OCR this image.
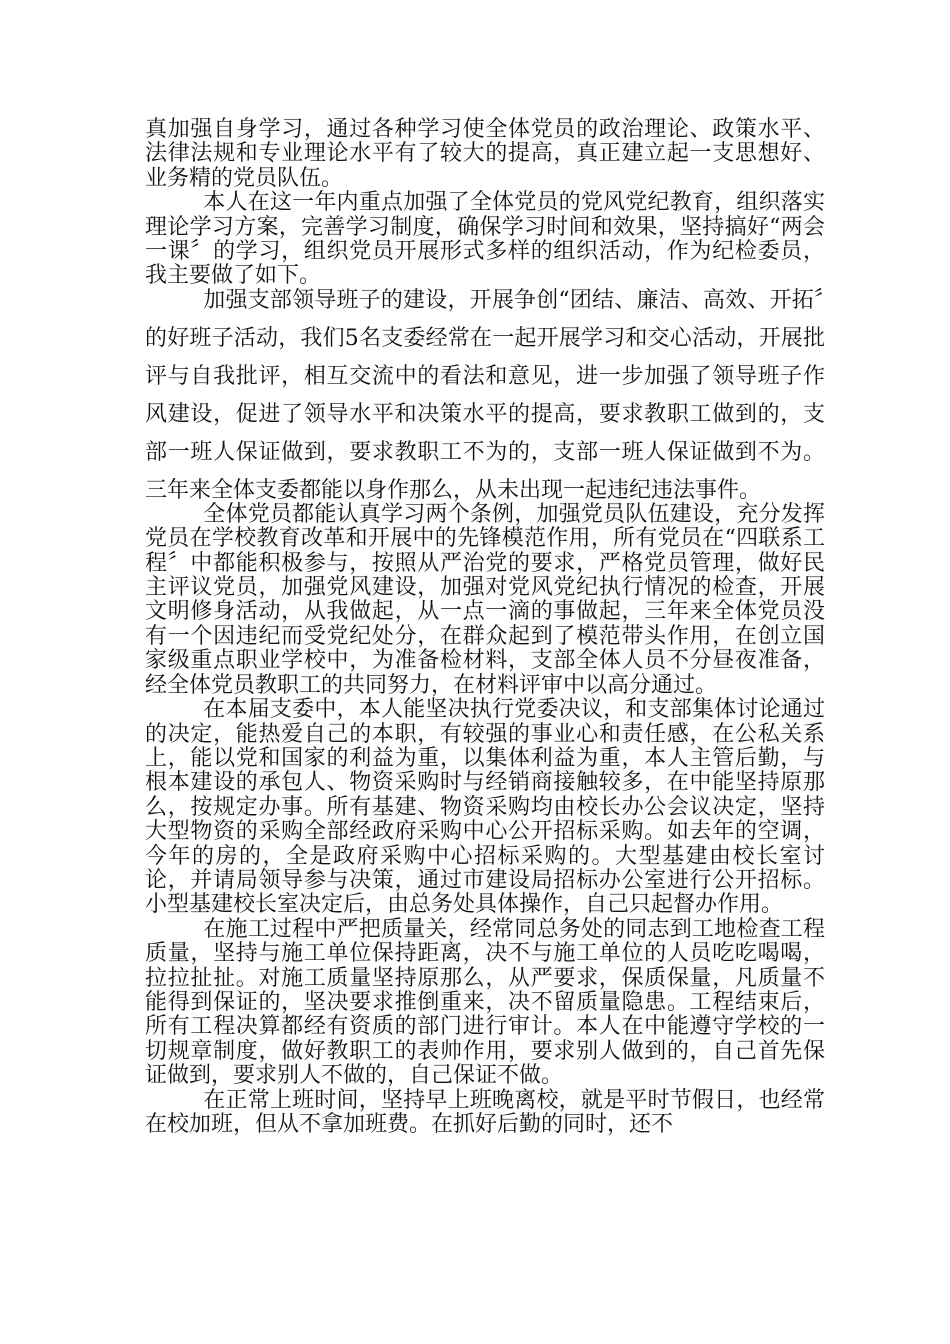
真加强自身学习，通过各种学习使全体党员的政治理论、政策水平、法律法规和专业理论水平有了较大的提高，真正建立起一支思想好、业务精的党员队伍。

本人在这一年内重点加强了全体党员的党风党纪教育，组织落实理论学习方案，完善学习制度，确保学习时间和效果，坚持搞好“两会一课〞的学习，组织党员开展形式多样的组织活动，作为纪检委员，我主要做了如下。

加强支部领导班子的建设，开展争创“团结、廉洁、高效、开拓〞的好班子活动，我们5名支委经常在一起开展学习和交心活动，开展批评与自我批评，相互交流中的看法和意见，进一步加强了领导班子作风建设，促进了领导水平和决策水平的提高，要求教职工做到的，支部一班人保证做到，要求教职工不为的，支部一班人保证做到不为。三年来全体支委都能以身作那么，从未出现一起违纪违法事件。

全体党员都能认真学习两个条例，加强党员队伍建设，充分发挥党员在学校教育改革和开展中的先锋模范作用，所有党员在“四联系工程〞中都能积极参与，按照从严治党的要求，严格党员管理，做好民主评议党员，加强党风建设，加强对党风党纪执行情况的检查，开展文明修身活动，从我做起，从一点一滴的事做起，三年来全体党员没有一个因违纪而受党纪处分，在群众起到了模范带头作用，在创立国家级重点职业学校中，为准备检材料，支部全体人员不分昼夜准备，经全体党员教职工的共同努力，在材料评审中以高分通过。

在本届支委中，本人能坚决执行党委决议，和支部集体讨论通过的决定，能热爱自己的本职，有较强的事业心和责任感，在公私关系上，能以党和国家的利益为重，以集体利益为重，本人主管后勤，与根本建设的承包人、物资采购时与经销商接触较多，在中能坚持原那么，按规定办事。所有基建、物资采购均由校长办公会议决定，坚持大型物资的采购全部经政府采购中心公开招标采购。如去年的空调，今年的房的，全是政府采购中心招标采购的。大型基建由校长室讨论，并请局领导参与决策，通过市建设局招标办公室进行公开招标。小型基建校长室决定后，由总务处具体操作，自己只起督办作用。

在施工过程中严把质量关，经常同总务处的同志到工地检查工程质量，坚持与施工单位保持距离，决不与施工单位的人员吃吃喝喝，拉拉扯扯。对施工质量坚持原那么，从严要求，保质保量，凡质量不能得到保证的，坚决要求推倒重来，决不留质量隐患。工程结束后，所有工程决算都经有资质的部门进行审计。本人在中能遵守学校的一切规章制度，做好教职工的表帅作用，要求别人做到的，自己首先保证做到，要求别人不做的，自己保证不做。

在正常上班时间，坚持早上班晚离校，就是平时节假日，也经常在校加班，但从不拿加班费。在抓好后勤的同时，还不
